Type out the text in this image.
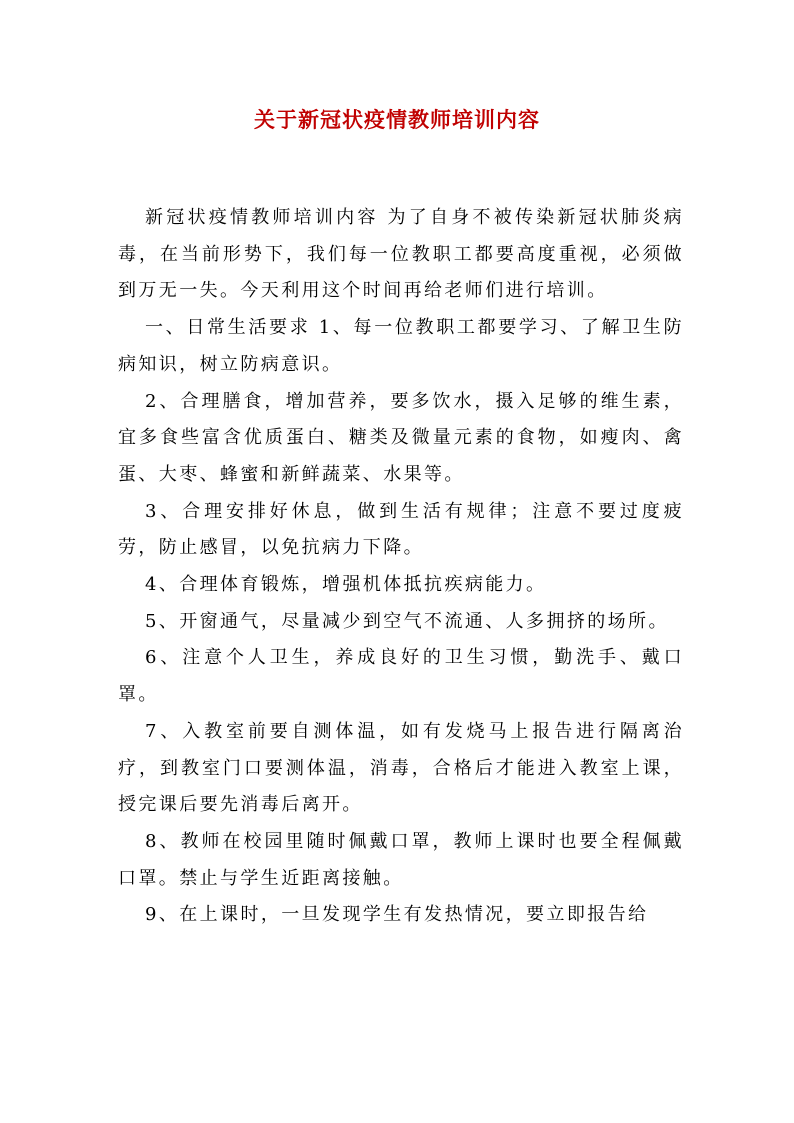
关于新冠状疫情教师培训内容

新冠状疫情教师培训内容 为了自身不被传染新冠状肺炎病毒，在当前形势下，我们每一位教职工都要高度重视，必须做到万无一失。今天利用这个时间再给老师们进行培训。

一、日常生活要求 1、每一位教职工都要学习、了解卫生防病知识，树立防病意识。

2、合理膳食，增加营养，要多饮水，摄入足够的维生素，宜多食些富含优质蛋白、糖类及微量元素的食物，如瘦肉、禽蛋、大枣、蜂蜜和新鲜蔬菜、水果等。

3、合理安排好休息，做到生活有规律；注意不要过度疲劳，防止感冒，以免抗病力下降。

4、合理体育锻炼，增强机体抵抗疾病能力。

5、开窗通气，尽量减少到空气不流通、人多拥挤的场所。

6、注意个人卫生，养成良好的卫生习惯，勤洗手、戴口罩。

7、入教室前要自测体温，如有发烧马上报告进行隔离治疗，到教室门口要测体温，消毒，合格后才能进入教室上课，授完课后要先消毒后离开。

8、教师在校园里随时佩戴口罩，教师上课时也要全程佩戴口罩。禁止与学生近距离接触。

9、在上课时，一旦发现学生有发热情况，要立即报告给
